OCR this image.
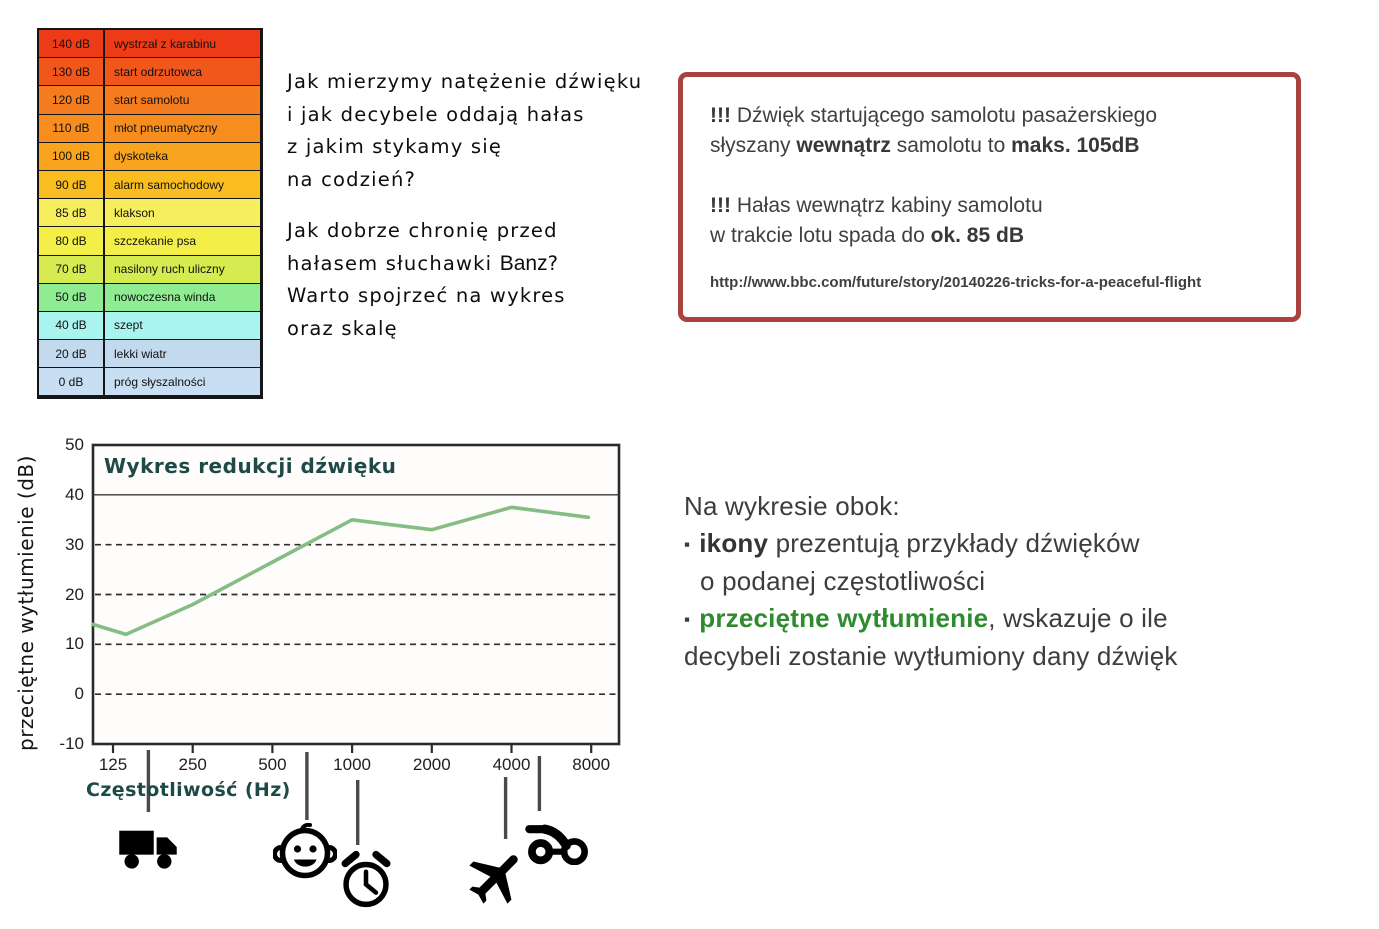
140 dB	wystrzał z karabinu
130 dB	start odrzutowca
120 dB	start samolotu
110 dB	młot pneumatyczny
100 dB	dyskoteka
90 dB	alarm samochodowy
85 dB	klakson
80 dB	szczekanie psa
70 dB	nasilony ruch uliczny
50 dB	nowoczesna winda
40 dB	szept
20 dB	lekki wiatr
0 dB	próg słyszalności
Jak mierzymy natężenie dźwięku
i jak decybele oddają hałas
z jakim stykamy się
na codzień?
Jak dobrze chronię przed
hałasem słuchawki Banz?
Warto spojrzeć na wykres
oraz skalę
!!! Dźwięk startującego samolotu pasażerskiego
słyszany wewnątrz samolotu to maks. 105dB
!!! Hałas wewnątrz kabiny samolotu
w trakcie lotu spada do ok. 85 dB
http://www.bbc.com/future/story/20140226-tricks-for-a-peaceful-flight
Wykres redukcji dźwięku
przeciętne wytłumienie (dB)
Częstotliwość (Hz)
50
40
30
20
10
0
-10
125	250	500	1000	2000	4000	8000
Na wykresie obok:
▪ ikony prezentują przykłady dźwięków
o podanej częstotliwości
▪ przeciętne wytłumienie, wskazuje o ile
decybeli zostanie wytłumiony dany dźwięk
